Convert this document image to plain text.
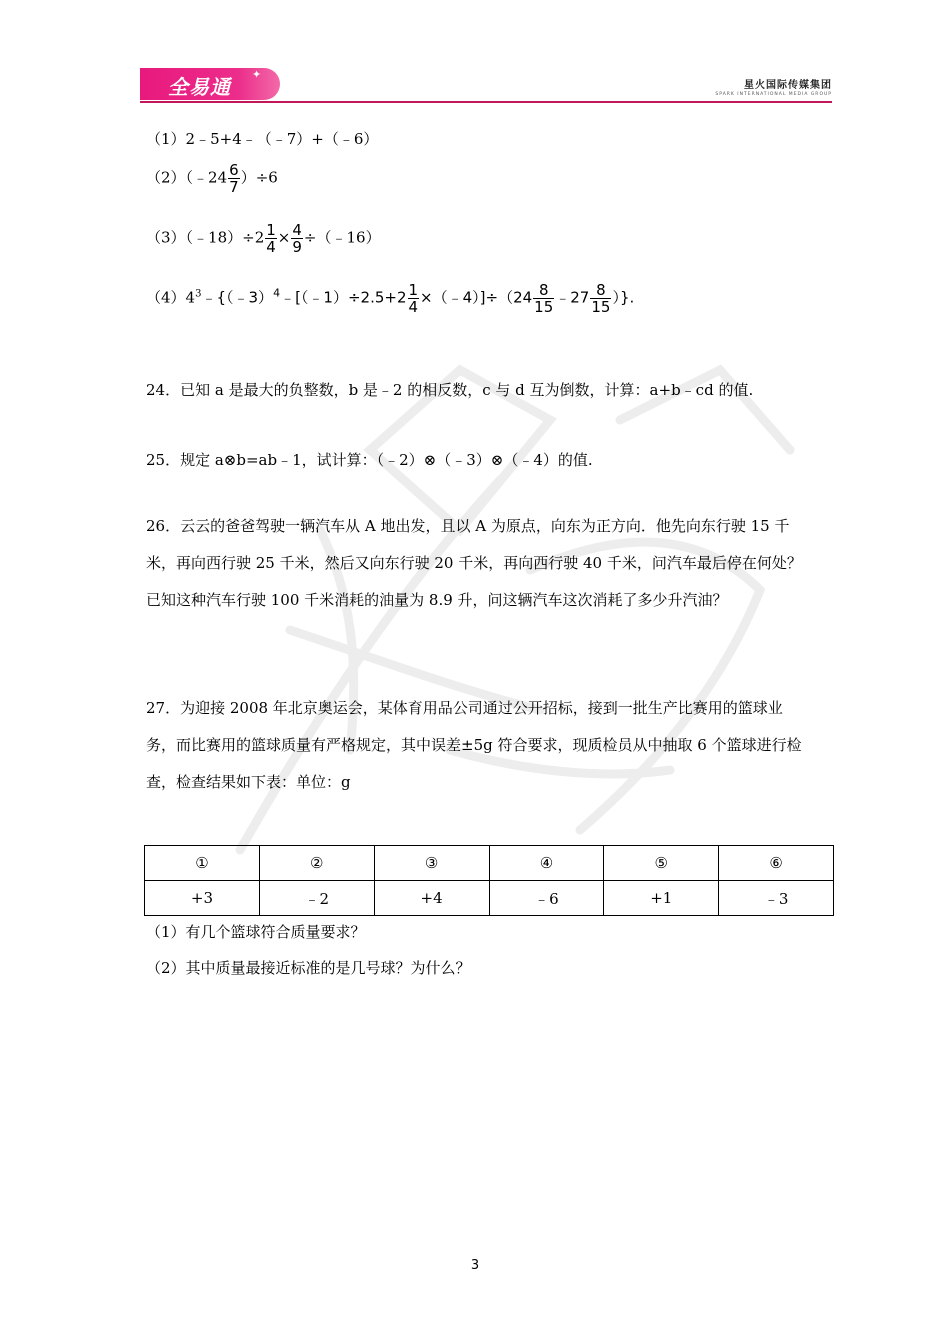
全易通
✦
星火国际传媒集团
SPARK INTERNATIONAL MEDIA GROUP
（1）2﹣5+4﹣（﹣7）+（﹣6）
（2）（﹣24 $\frac{6}{7} )\div 6$
（3）（﹣18）÷2 $\frac{1}{4} \times \frac{4}{9}$ ÷（﹣16）
$(4)4^3﹣\{(﹣3)^4﹣[(﹣1)\div 2.5+2 \frac{1}{4}$ ×（﹣4）]÷（24 $\frac{8}{15}$ ﹣27 $\frac{8}{15}$ ）}.
24．已知 a 是最大的负整数，b 是﹣2 的相反数，c 与 d 互为倒数，计算：a+b﹣cd 的值.
25．规定 a⊗b=ab﹣1，试计算：（﹣2）⊗（﹣3）⊗（﹣4）的值.
26．云云的爸爸驾驶一辆汽车从 A 地出发，且以 A 为原点，向东为正方向．他先向东行驶 15 千米，再向西行驶 25 千米，然后又向东行驶 20 千米，再向西行驶 40 千米，问汽车最后停在何处？已知这种汽车行驶 100 千米消耗的油量为 8.9 升，问这辆汽车这次消耗了多少升汽油？
27．为迎接 2008 年北京奥运会，某体育用品公司通过公开招标，接到一批生产比赛用的篮球业务，而比赛用的篮球质量有严格规定，其中误差±5g 符合要求，现质检员从中抽取 6 个篮球进行检查，检查结果如下表：单位：g
①	②	③	④	⑤	⑥
+3	﹣2	+4	﹣6	+1	﹣3
（1）有几个篮球符合质量要求？
（2）其中质量最接近标准的是几号球？为什么？
3
